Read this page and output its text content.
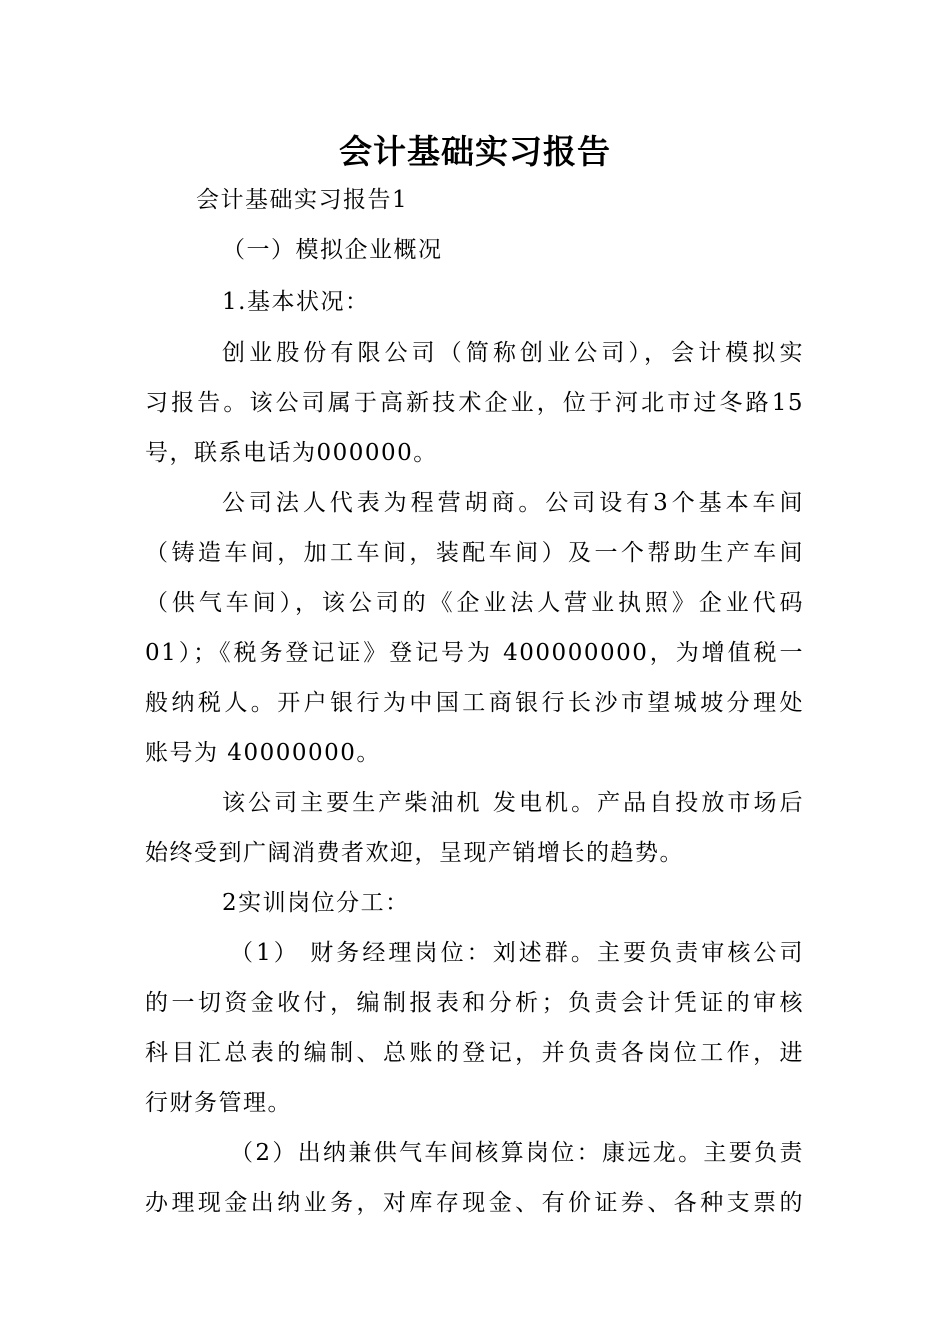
会计基础实习报告

会计基础实习报告1

（一）模拟企业概况

1.基本状况：

创业股份有限公司（简称创业公司），会计模拟实

习报告。该公司属于高新技术企业，位于河北市过冬路15

号，联系电话为000000。

公司法人代表为程营胡商。公司设有3个基本车间

（铸造车间，加工车间，装配车间）及一个帮助生产车间

（供气车间），该公司的《企业法人营业执照》企业代码

01）；《税务登记证》登记号为 400000000，为增值税一

般纳税人。开户银行为中国工商银行长沙市望城坡分理处

账号为 40000000。

该公司主要生产柴油机 发电机。产品自投放市场后

始终受到广阔消费者欢迎，呈现产销增长的趋势。

2实训岗位分工：

（1） 财务经理岗位：刘述群。主要负责审核公司

的一切资金收付，编制报表和分析；负责会计凭证的审核

科目汇总表的编制、总账的登记，并负责各岗位工作，进

行财务管理。

（2）出纳兼供气车间核算岗位：康远龙。主要负责

办理现金出纳业务，对库存现金、有价证券、各种支票的
